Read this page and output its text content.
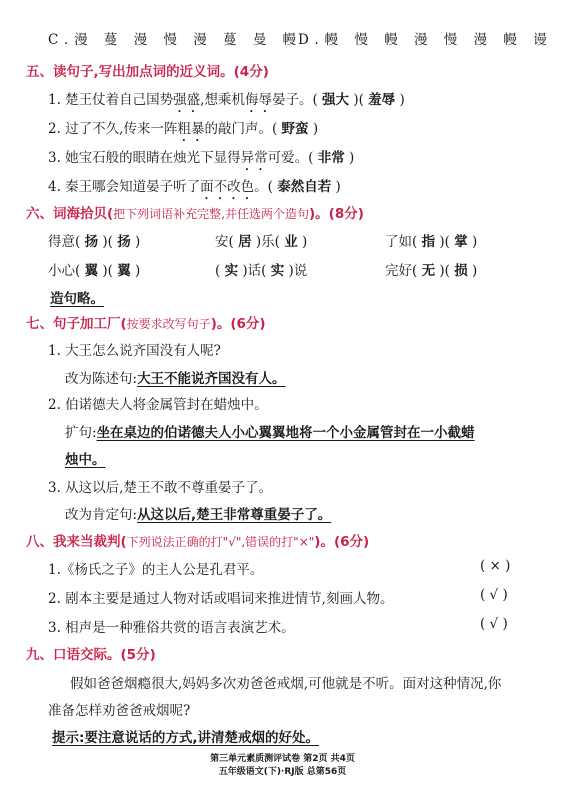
C.漫 蔓 漫 慢 漫 蔓 曼 幔
D.幔 慢 幔 漫 慢 漫 幔 谩
五、读句子,写出加点词的近义词。(4分)
1. 楚王仗着自己国势强盛,想乘机侮辱晏子。( 强大 )( 羞辱 )
2. 过了不久,传来一阵粗暴的敲门声。( 野蛮 )
3. 她宝石般的眼睛在烛光下显得异常可爱。( 非常 )
4. 秦王哪会知道晏子听了面不改色。( 泰然自若 )
六、词海拾贝(把下列词语补充完整,并任选两个造句)。(8分)
得意( 扬 )( 扬 )	安( 居 )乐( 业 )	了如( 指 )( 掌 )
小心( 翼 )( 翼 )	( 实 )话( 实 )说	完好( 无 )( 损 )
造句略。
七、句子加工厂(按要求改写句子)。(6分)
1. 大王怎么说齐国没有人呢?
改为陈述句:大王不能说齐国没有人。
2. 伯诺德夫人将金属管封在蜡烛中。
扩句:坐在桌边的伯诺德夫人小心翼翼地将一个小金属管封在一小截蜡
烛中。
3. 从这以后,楚王不敢不尊重晏子了。
改为肯定句:从这以后,楚王非常尊重晏子了。
八、我来当裁判(下列说法正确的打"√",错误的打"×")。(6分)
1.《杨氏之子》的主人公是孔君平。	( × )
2. 剧本主要是通过人物对话或唱词来推进情节,刻画人物。	( √ )
3. 相声是一种雅俗共赏的语言表演艺术。	( √ )
九、口语交际。(5分)
假如爸爸烟瘾很大,妈妈多次劝爸爸戒烟,可他就是不听。面对这种情况,你
准备怎样劝爸爸戒烟呢?
提示:要注意说话的方式,讲清楚戒烟的好处。
第三单元素质测评试卷 第2页 共4页
五年级语文(下)·RJ版 总第56页
